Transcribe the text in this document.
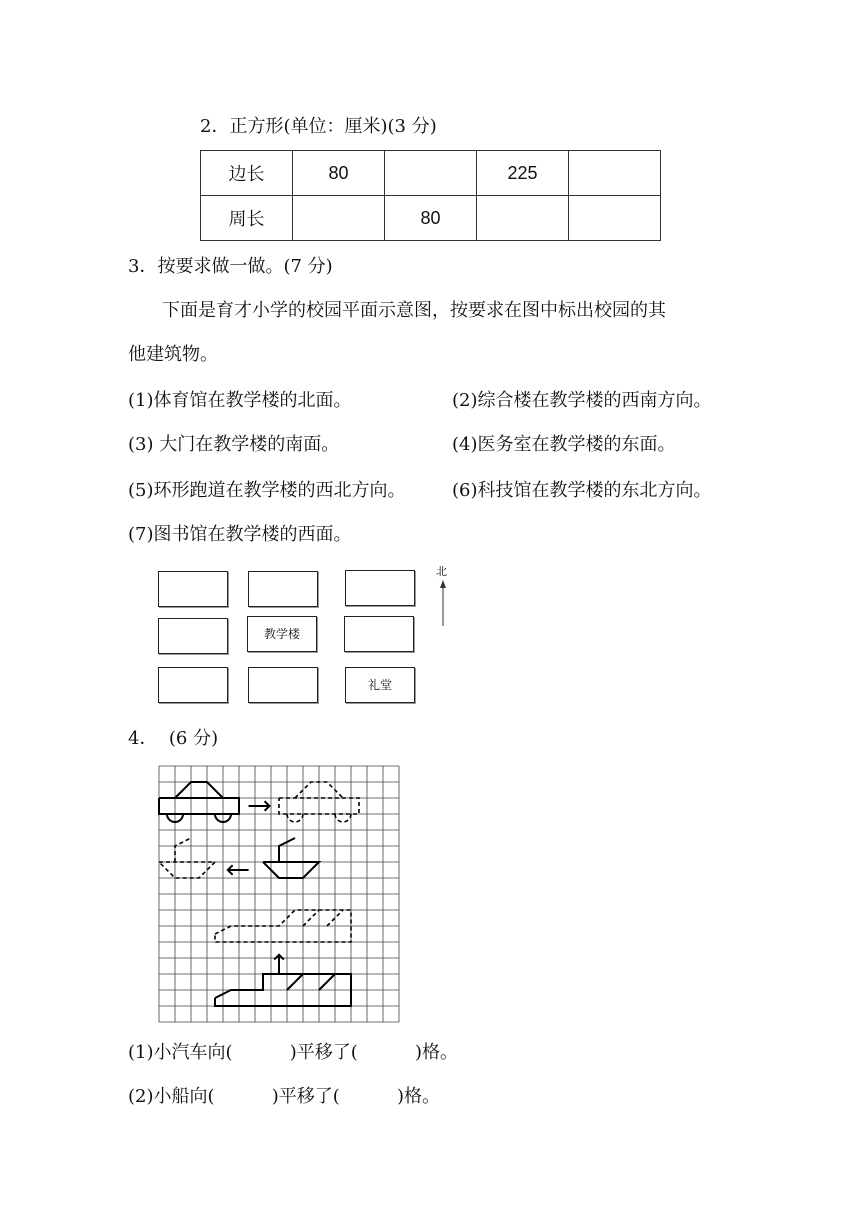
2．正方形(单位：厘米)(3 分)
边长	80		225	
周长		80		
3．按要求做一做。(7 分)
下面是育才小学的校园平面示意图，按要求在图中标出校园的其
他建筑物。
(1)体育馆在教学楼的北面。	(2)综合楼在教学楼的西南方向。
(3) 大门在教学楼的南面。	(4)医务室在教学楼的东面。
(5)环形跑道在教学楼的西北方向。	(6)科技馆在教学楼的东北方向。
(7)图书馆在教学楼的西面。
教学楼
礼堂
北
4．  (6 分)
(1)小汽车向(          )平移了(          )格。
(2)小船向(          )平移了(          )格。
